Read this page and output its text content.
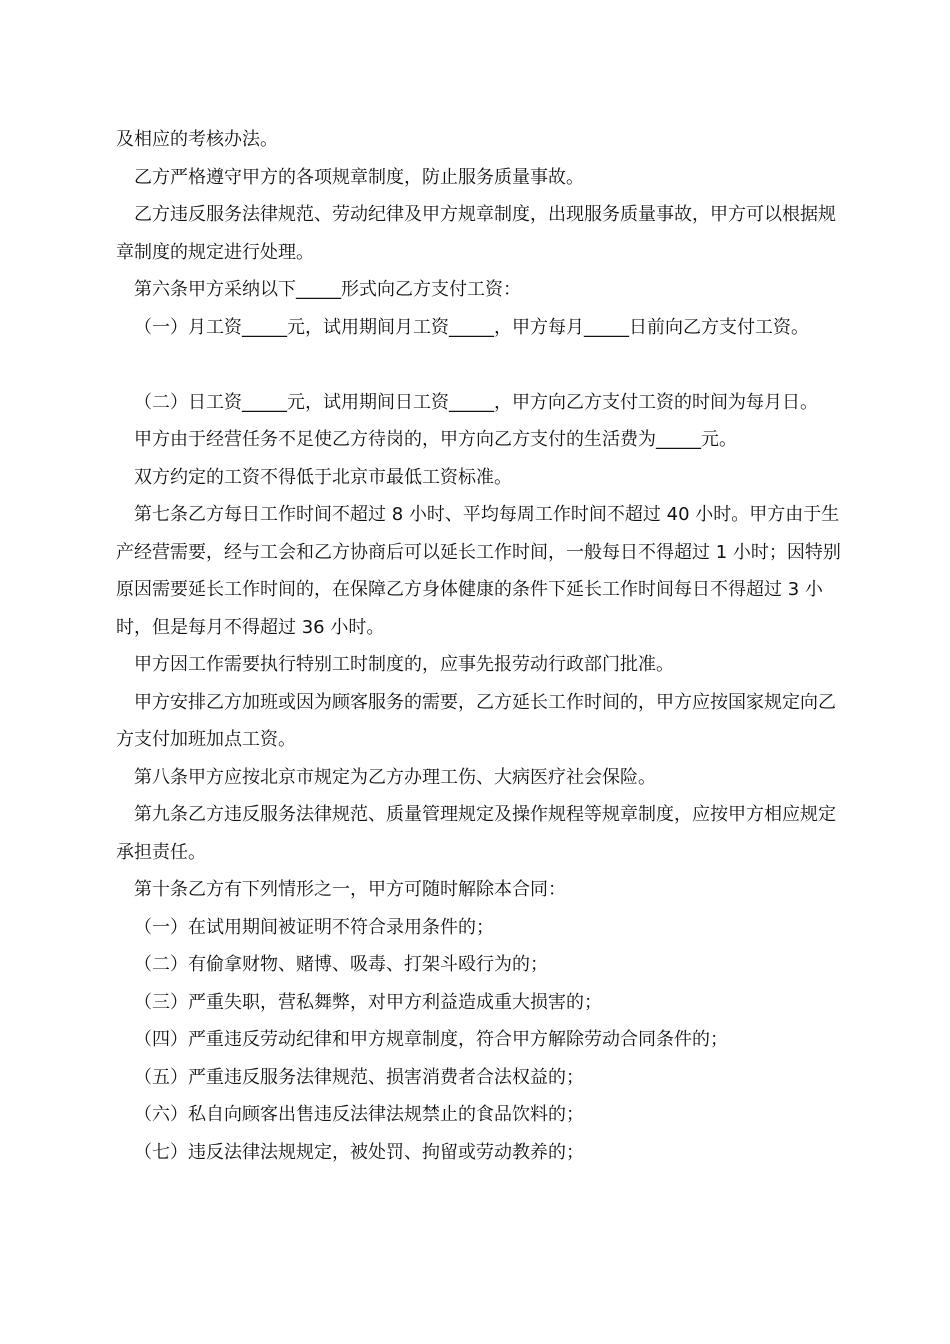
及相应的考核办法。

乙方严格遵守甲方的各项规章制度，防止服务质量事故。

乙方违反服务法律规范、劳动纪律及甲方规章制度，出现服务质量事故，甲方可以根据规章制度的规定进行处理。

第六条甲方采纳以下_____形式向乙方支付工资：

（一）月工资_____元，试用期间月工资_____，甲方每月_____日前向乙方支付工资。

（二）日工资_____元，试用期间日工资_____，甲方向乙方支付工资的时间为每月日。

甲方由于经营任务不足使乙方待岗的，甲方向乙方支付的生活费为_____元。

双方约定的工资不得低于北京市最低工资标准。

第七条乙方每日工作时间不超过 8 小时、平均每周工作时间不超过 40 小时。甲方由于生产经营需要，经与工会和乙方协商后可以延长工作时间，一般每日不得超过 1 小时；因特别原因需要延长工作时间的，在保障乙方身体健康的条件下延长工作时间每日不得超过 3 小时，但是每月不得超过 36 小时。

甲方因工作需要执行特别工时制度的，应事先报劳动行政部门批准。

甲方安排乙方加班或因为顾客服务的需要，乙方延长工作时间的，甲方应按国家规定向乙方支付加班加点工资。

第八条甲方应按北京市规定为乙方办理工伤、大病医疗社会保险。

第九条乙方违反服务法律规范、质量管理规定及操作规程等规章制度，应按甲方相应规定承担责任。

第十条乙方有下列情形之一，甲方可随时解除本合同：

（一）在试用期间被证明不符合录用条件的；

（二）有偷拿财物、赌博、吸毒、打架斗殴行为的；

（三）严重失职，营私舞弊，对甲方利益造成重大损害的；

（四）严重违反劳动纪律和甲方规章制度，符合甲方解除劳动合同条件的；

（五）严重违反服务法律规范、损害消费者合法权益的；

（六）私自向顾客出售违反法律法规禁止的食品饮料的；

（七）违反法律法规规定，被处罚、拘留或劳动教养的；
